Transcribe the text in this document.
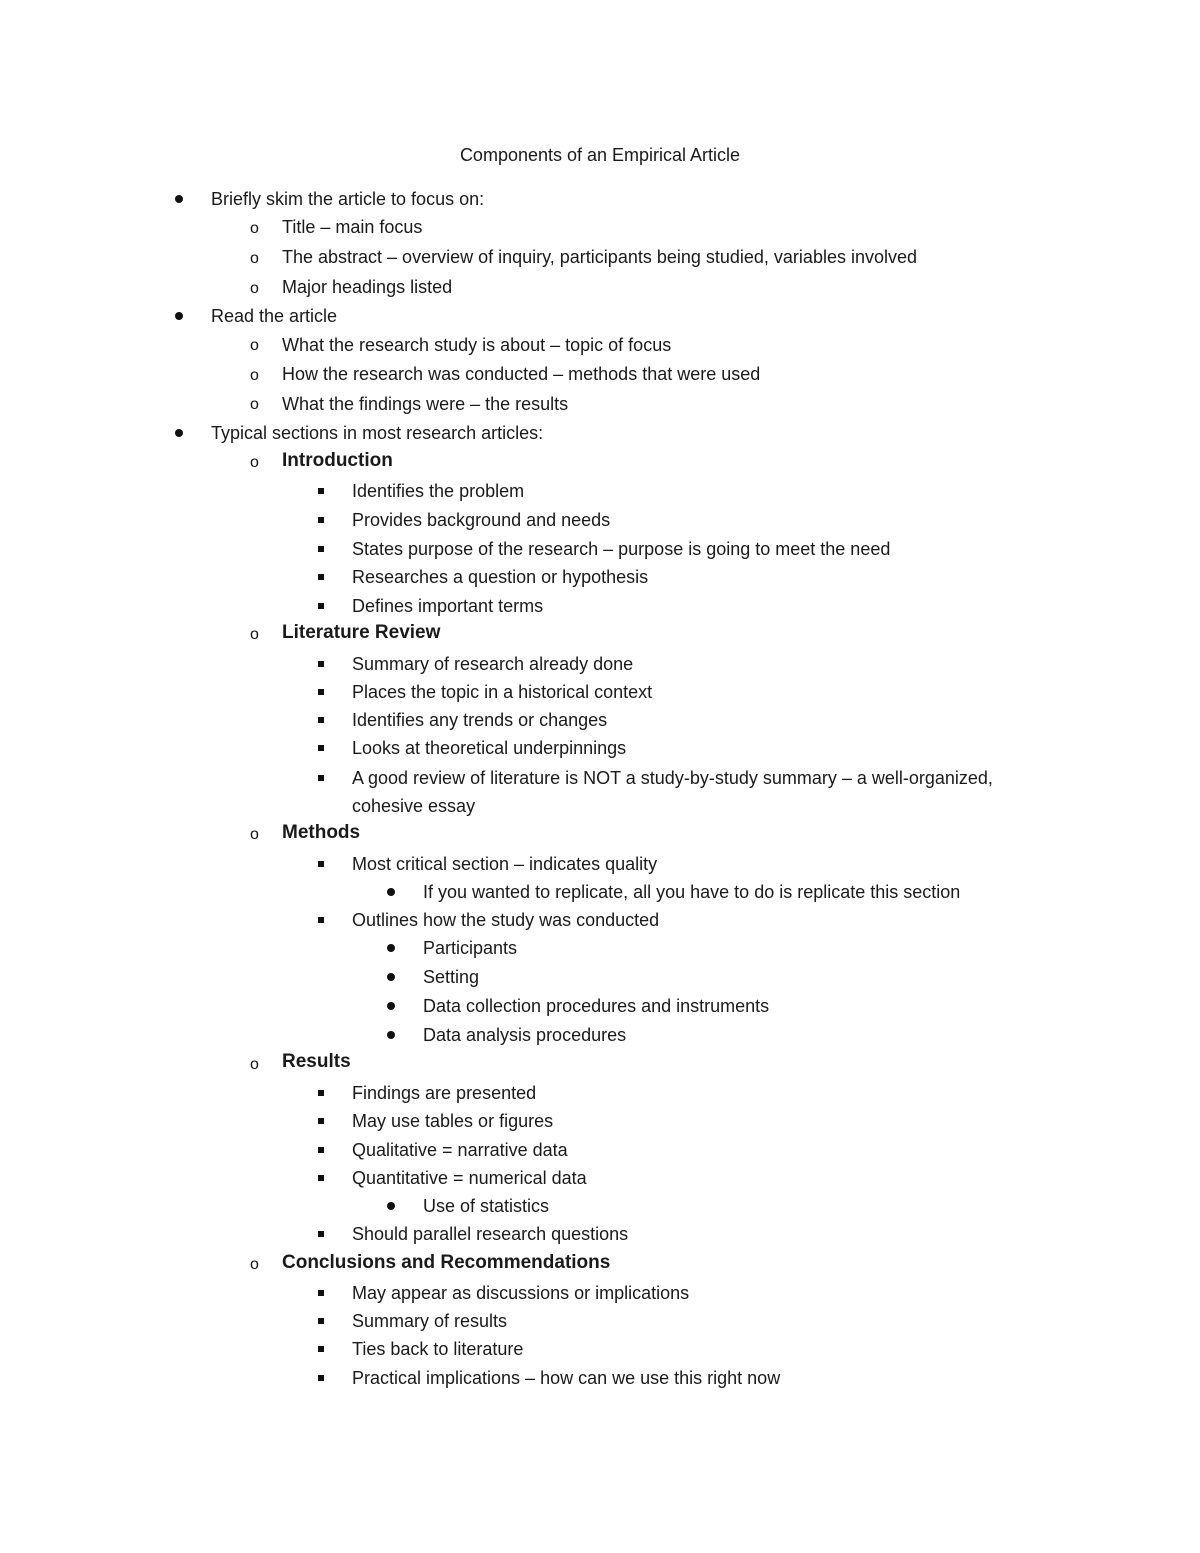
Components of an Empirical Article
Briefly skim the article to focus on:
o Title – main focus
o The abstract – overview of inquiry, participants being studied, variables involved
o Major headings listed
Read the article
o What the research study is about – topic of focus
o How the research was conducted – methods that were used
o What the findings were – the results
Typical sections in most research articles:
o Introduction
Identifies the problem
Provides background and needs
States purpose of the research – purpose is going to meet the need
Researches a question or hypothesis
Defines important terms
o Literature Review
Summary of research already done
Places the topic in a historical context
Identifies any trends or changes
Looks at theoretical underpinnings
A good review of literature is NOT a study-by-study summary – a well-organized,
cohesive essay
o Methods
Most critical section – indicates quality
If you wanted to replicate, all you have to do is replicate this section
Outlines how the study was conducted
Participants
Setting
Data collection procedures and instruments
Data analysis procedures
o Results
Findings are presented
May use tables or figures
Qualitative = narrative data
Quantitative = numerical data
Use of statistics
Should parallel research questions
o Conclusions and Recommendations
May appear as discussions or implications
Summary of results
Ties back to literature
Practical implications – how can we use this right now
